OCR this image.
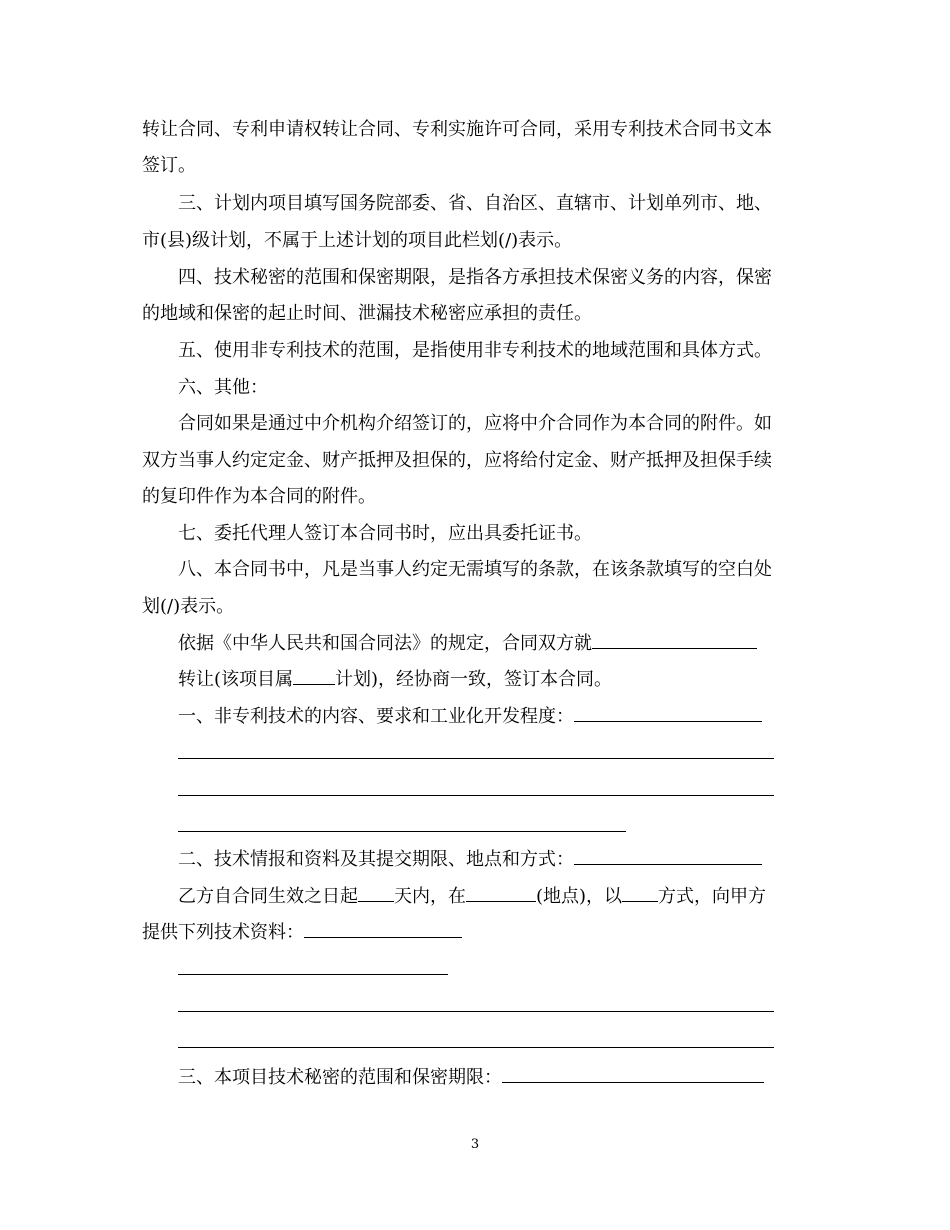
转让合同、专利申请权转让合同、专利实施许可合同，采用专利技术合同书文本
签订。
三、计划内项目填写国务院部委、省、自治区、直辖市、计划单列市、地、
市(县)级计划，不属于上述计划的项目此栏划(/)表示。
四、技术秘密的范围和保密期限，是指各方承担技术保密义务的内容，保密
的地域和保密的起止时间、泄漏技术秘密应承担的责任。
五、使用非专利技术的范围，是指使用非专利技术的地域范围和具体方式。
六、其他：
合同如果是通过中介机构介绍签订的，应将中介合同作为本合同的附件。如
双方当事人约定定金、财产抵押及担保的，应将给付定金、财产抵押及担保手续
的复印件作为本合同的附件。
七、委托代理人签订本合同书时，应出具委托证书。
八、本合同书中，凡是当事人约定无需填写的条款，在该条款填写的空白处
划(/)表示。
依据《中华人民共和国合同法》的规定，合同双方就
转让(该项目属 计划)，经协商一致，签订本合同。
一、非专利技术的内容、要求和工业化开发程度：
二、技术情报和资料及其提交期限、地点和方式：
乙方自合同生效之日起 天内，在	(地点)，以 方式，向甲方
提供下列技术资料：
三、本项目技术秘密的范围和保密期限：
3
